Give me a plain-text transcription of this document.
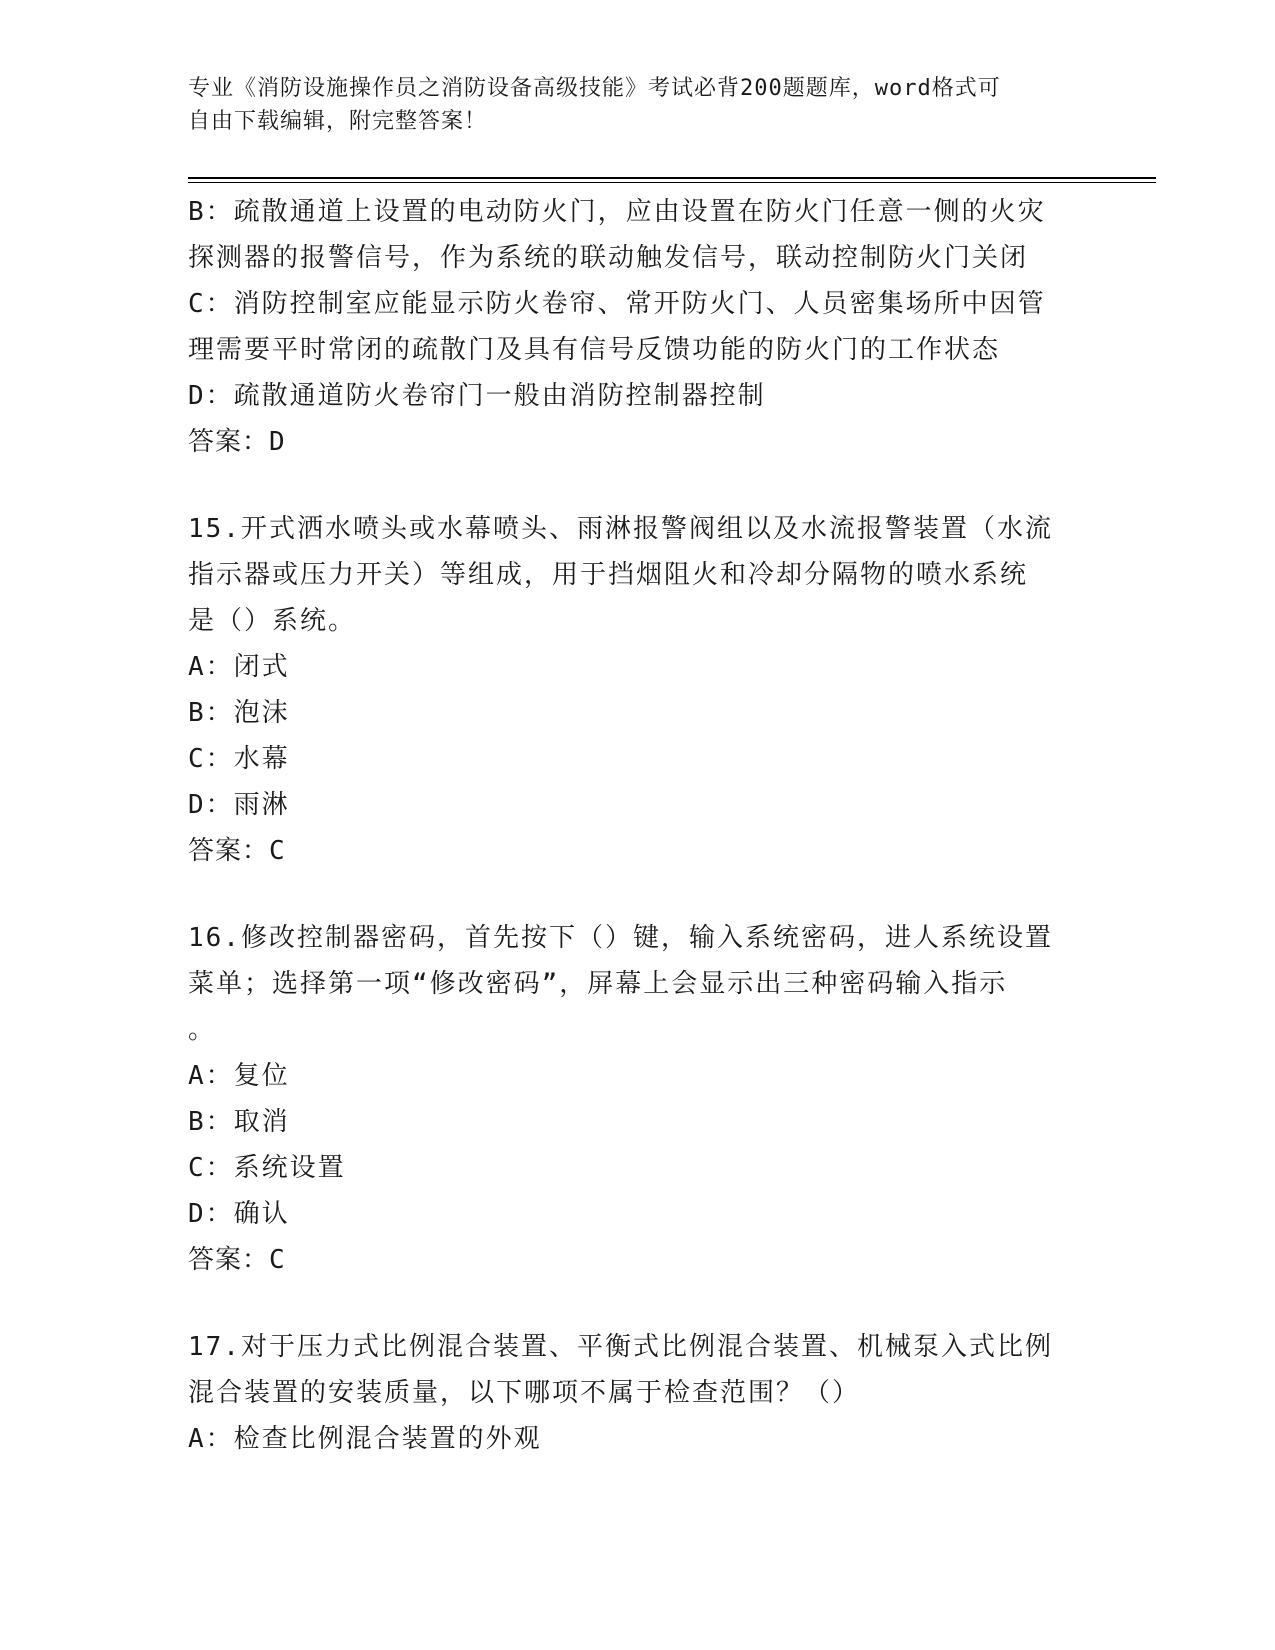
专业《消防设施操作员之消防设备高级技能》考试必背200题题库，word格式可
自由下载编辑，附完整答案！
B：疏散通道上设置的电动防火门，应由设置在防火门任意一侧的火灾
探测器的报警信号，作为系统的联动触发信号，联动控制防火门关闭
C：消防控制室应能显示防火卷帘、常开防火门、人员密集场所中因管
理需要平时常闭的疏散门及具有信号反馈功能的防火门的工作状态
D：疏散通道防火卷帘门一般由消防控制器控制
答案：D
15.开式洒水喷头或水幕喷头、雨淋报警阀组以及水流报警装置（水流
指示器或压力开关）等组成，用于挡烟阻火和冷却分隔物的喷水系统
是（）系统。
A：闭式
B：泡沫
C：水幕
D：雨淋
答案：C
16.修改控制器密码，首先按下（）键，输入系统密码，进人系统设置
菜单；选择第一项“修改密码”，屏幕上会显示出三种密码输入指示
。
A：复位
B：取消
C：系统设置
D：确认
答案：C
17.对于压力式比例混合装置、平衡式比例混合装置、机械泵入式比例
混合装置的安装质量，以下哪项不属于检查范围？（）
A：检查比例混合装置的外观
